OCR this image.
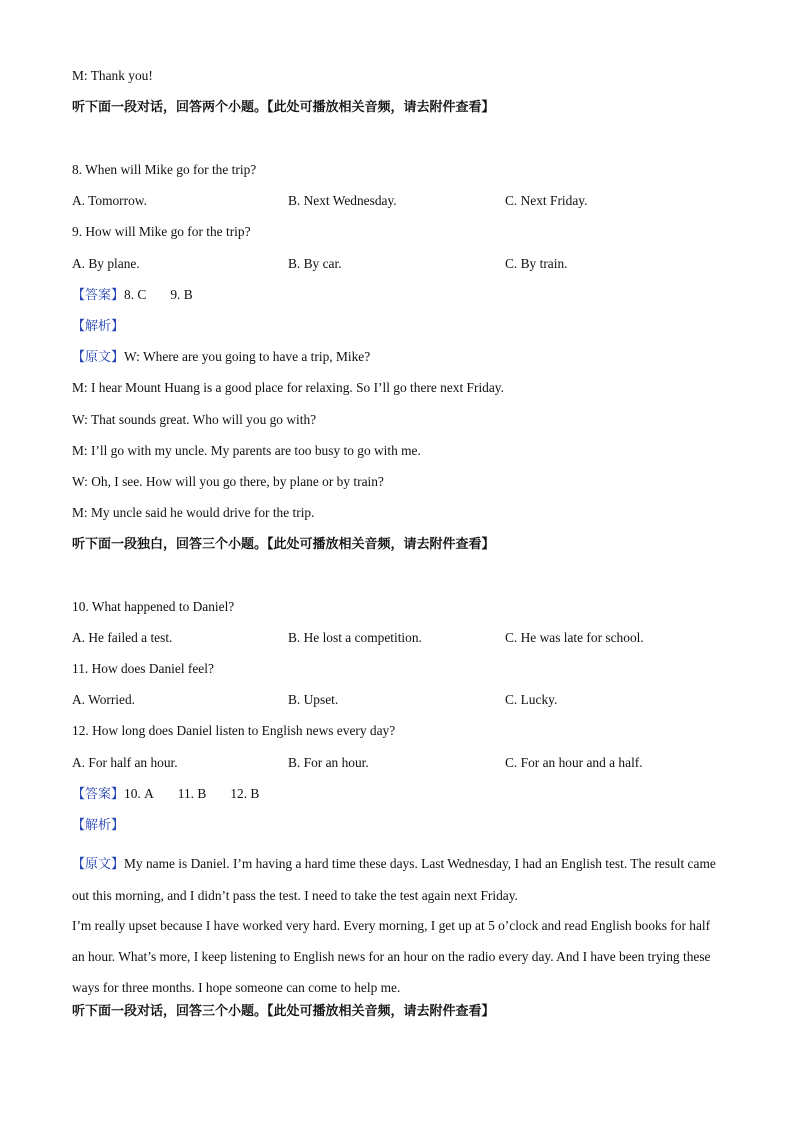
M: Thank you!
听下面一段对话，回答两个小题。【此处可播放相关音频，请去附件查看】
8. When will Mike go for the trip?
A. Tomorrow.	B. Next Wednesday.	C. Next Friday.
9. How will Mike go for the trip?
A. By plane.	B. By car.	C. By train.
【答案】8. C 9. B
【解析】
【原文】W: Where are you going to have a trip, Mike?
M: I hear Mount Huang is a good place for relaxing. So I’ll go there next Friday.
W: That sounds great. Who will you go with?
M: I’ll go with my uncle. My parents are too busy to go with me.
W: Oh, I see. How will you go there, by plane or by train?
M: My uncle said he would drive for the trip.
听下面一段独白，回答三个小题。【此处可播放相关音频，请去附件查看】
10. What happened to Daniel?
A. He failed a test.	B. He lost a competition.	C. He was late for school.
11. How does Daniel feel?
A. Worried.	B. Upset.	C. Lucky.
12. How long does Daniel listen to English news every day?
A. For half an hour.	B. For an hour.	C. For an hour and a half.
【答案】10. A 11. B 12. B
【解析】
【原文】My name is Daniel. I’m having a hard time these days. Last Wednesday, I had an English test. The result came out this morning, and I didn’t pass the test. I need to take the test again next Friday.
I’m really upset because I have worked very hard. Every morning, I get up at 5 o’clock and read English books for half an hour. What’s more, I keep listening to English news for an hour on the radio every day. And I have been trying these ways for three months. I hope someone can come to help me.
听下面一段对话，回答三个小题。【此处可播放相关音频，请去附件查看】
